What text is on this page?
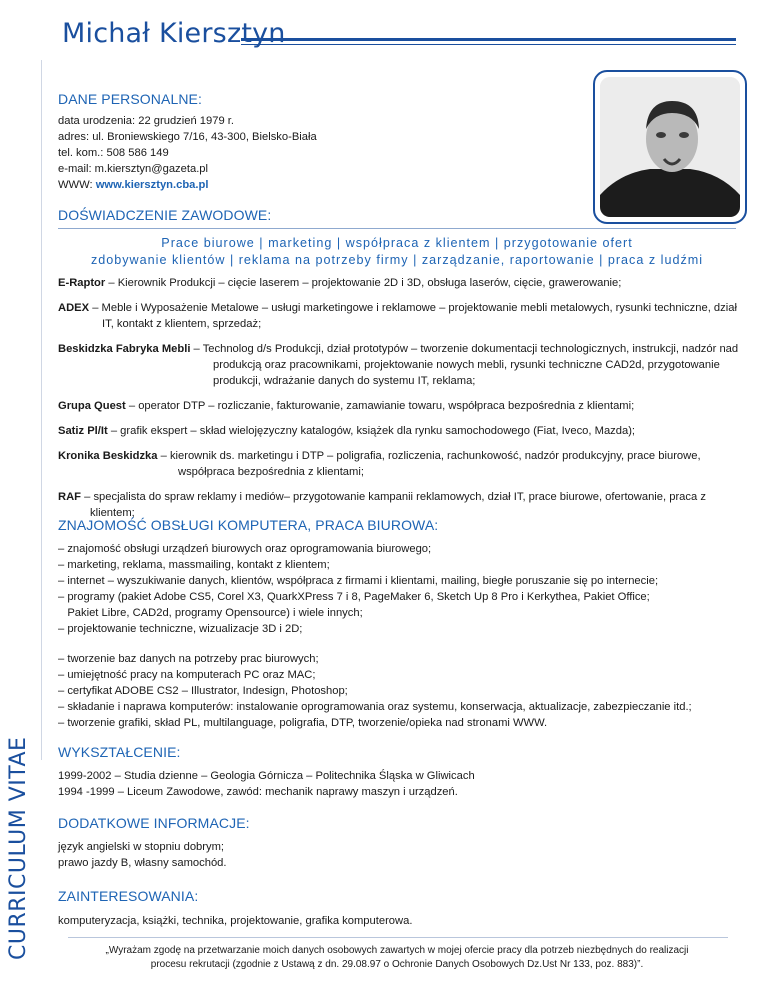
Michał Kiersztyn
CURRICULUM VITAE
DANE PERSONALNE:
data urodzenia: 22 grudzień 1979 r.
adres: ul. Broniewskiego 7/16, 43-300, Bielsko-Biała
tel. kom.: 508 586 149
e-mail: m.kiersztyn@gazeta.pl
WWW: www.kiersztyn.cba.pl
DOŚWIADCZENIE ZAWODOWE:
Prace biurowe | marketing | współpraca z klientem | przygotowanie ofert
zdobywanie klientów | reklama na potrzeby firmy | zarządzanie, raportowanie | praca z ludźmi

E-Raptor – Kierownik Produkcji – cięcie laserem – projektowanie 2D i 3D, obsługa laserów, cięcie, grawerowanie;

ADEX – Meble i Wyposażenie Metalowe – usługi marketingowe i reklamowe – projektowanie mebli metalowych, rysunki techniczne, dział IT, kontakt z klientem, sprzedaż;

Beskidzka Fabryka Mebli – Technolog d/s Produkcji, dział prototypów – tworzenie dokumentacji technologicznych, instrukcji, nadzór nad produkcją oraz pracownikami, projektowanie nowych mebli, rysunki techniczne CAD2d, przygotowanie produkcji, wdrażanie danych do systemu IT, reklama;

Grupa Quest – operator DTP – rozliczanie, fakturowanie, zamawianie towaru, współpraca bezpośrednia z klientami;

Satiz Pl/It – grafik ekspert – skład wielojęzyczny katalogów, książek dla rynku samochodowego (Fiat, Iveco, Mazda);

Kronika Beskidzka – kierownik ds. marketingu i DTP – poligrafia, rozliczenia, rachunkowość, nadzór produkcyjny, prace biurowe, współpraca bezpośrednia z klientami;

RAF – specjalista do spraw reklamy i mediów– przygotowanie kampanii reklamowych, dział IT, prace biurowe, ofertowanie, praca z klientem;

ZNAJOMOŚĆ OBSŁUGI KOMPUTERA, PRACA BIUROWA:
– znajomość obsługi urządzeń biurowych oraz oprogramowania biurowego;
– marketing, reklama, massmailing, kontakt z klientem;
– internet – wyszukiwanie danych, klientów, współpraca z firmami i klientami, mailing, biegłe poruszanie się po internecie;
– programy (pakiet Adobe CS5, Corel X3, QuarkXPress 7 i 8, PageMaker 6, Sketch Up 8 Pro i Kerkythea, Pakiet Office;
Pakiet Libre, CAD2d, programy Opensource) i wiele innych;
– projektowanie techniczne, wizualizacje 3D i 2D;
– tworzenie baz danych na potrzeby prac biurowych;
– umiejętność pracy na komputerach PC oraz MAC;
– certyfikat ADOBE CS2 – Illustrator, Indesign, Photoshop;
– składanie i naprawa komputerów: instalowanie oprogramowania oraz systemu, konserwacja, aktualizacje, zabezpieczanie itd.;
– tworzenie grafiki, skład PL, multilanguage, poligrafia, DTP, tworzenie/opieka nad stronami WWW.
WYKSZTAŁCENIE:
1999-2002 – Studia dzienne – Geologia Górnicza – Politechnika Śląska w Gliwicach
1994 -1999 – Liceum Zawodowe, zawód: mechanik naprawy maszyn i urządzeń.
DODATKOWE INFORMACJE:
język angielski w stopniu dobrym;
prawo jazdy B, własny samochód.
ZAINTERESOWANIA:
komputeryzacja, książki, technika, projektowanie, grafika komputerowa.
„Wyrażam zgodę na przetwarzanie moich danych osobowych zawartych w mojej ofercie pracy dla potrzeb niezbędnych do realizacji
procesu rekrutacji (zgodnie z Ustawą z dn. 29.08.97 o Ochronie Danych Osobowych Dz.Ust Nr 133, poz. 883)”.
